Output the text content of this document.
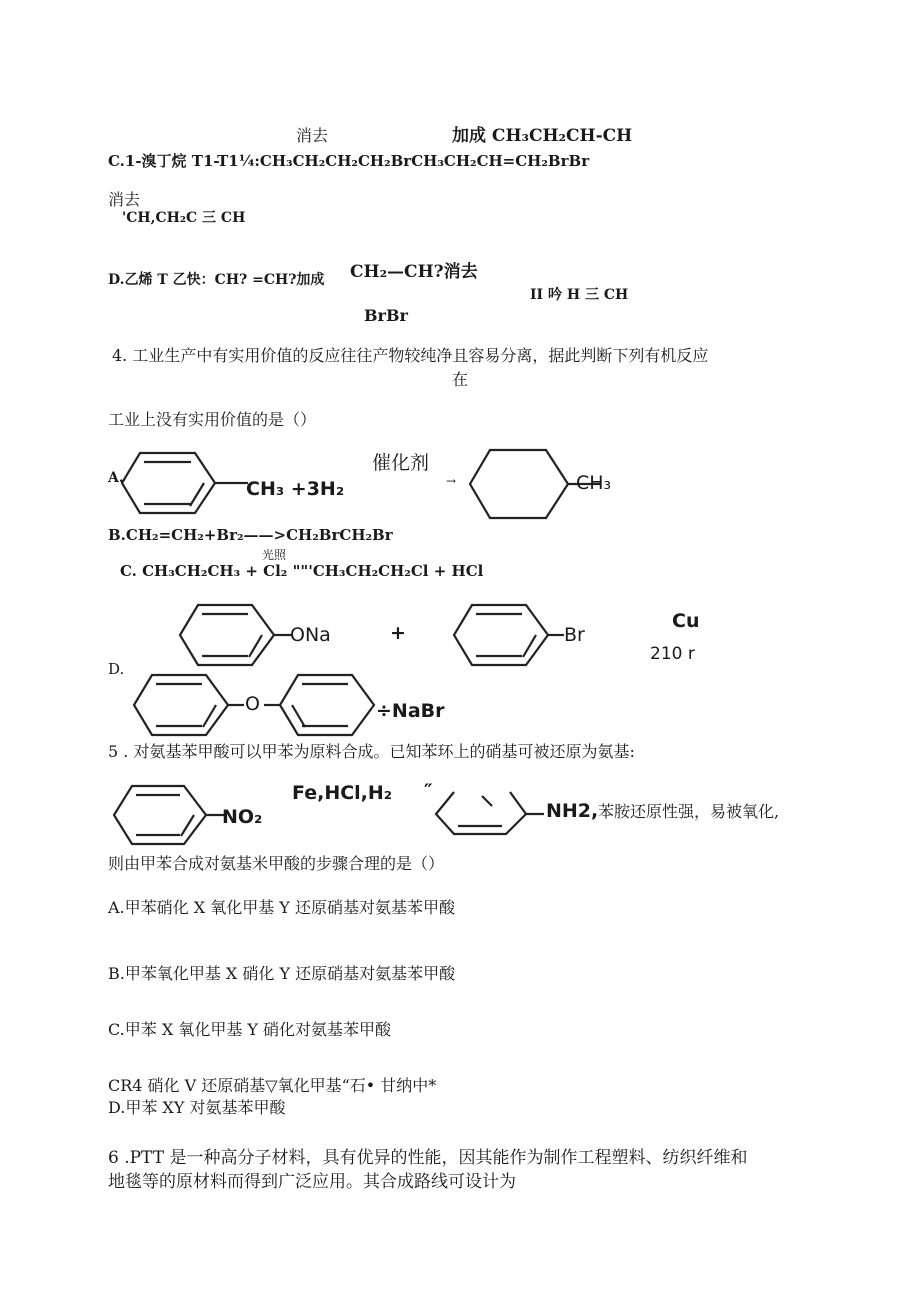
消去	加成 CH₃CH₂CH-CH
C.1-溴丁烷 T1-T1¼:CH₃CH₂CH₂CH₂BrCH₃CH₂CH=CH₂BrBr
消去
'CH,CH₂C 三 CH
D.乙烯 T 乙快：CH? =CH?加成 CH₂—CH?消去
II 吟 H 三 CH
BrBr
4. 工业生产中有实用价值的反应往往产物较纯净且容易分离，据此判断下列有机反应
在
工业上没有实用价值的是（）
A.	CH₃ +3H₂
催化剂
→	CH₃
B.CH₂=CH₂+Br₂——>CH₂BrCH₂Br
光照
C. CH₃CH₂CH₃ + Cl₂ ""'CH₃CH₂CH₂Cl + HCl
ONa	+	Br
Cu
210 r
D.
O	÷NaBr
5 . 对氨基苯甲酸可以甲苯为原料合成。已知苯环上的硝基可被还原为氨基:
NO₂
Fe,HCl,H₂ ″
NH2, 苯胺还原性强，易被氧化,
则由甲苯合成对氨基米甲酸的步骤合理的是（）
A.甲苯硝化 X 氧化甲基 Y 还原硝基对氨基苯甲酸
B.甲苯氧化甲基 X 硝化 Y 还原硝基对氨基苯甲酸
C.甲苯 X 氧化甲基 Y 硝化对氨基苯甲酸
CR4 硝化 V 还原硝基▽氧化甲基“石• 甘纳中*
D.甲苯 XY 对氨基苯甲酸
6 .PTT 是一种高分子材料，具有优异的性能，因其能作为制作工程塑料、纺织纤维和
地毯等的原材料而得到广泛应用。其合成路线可设计为
